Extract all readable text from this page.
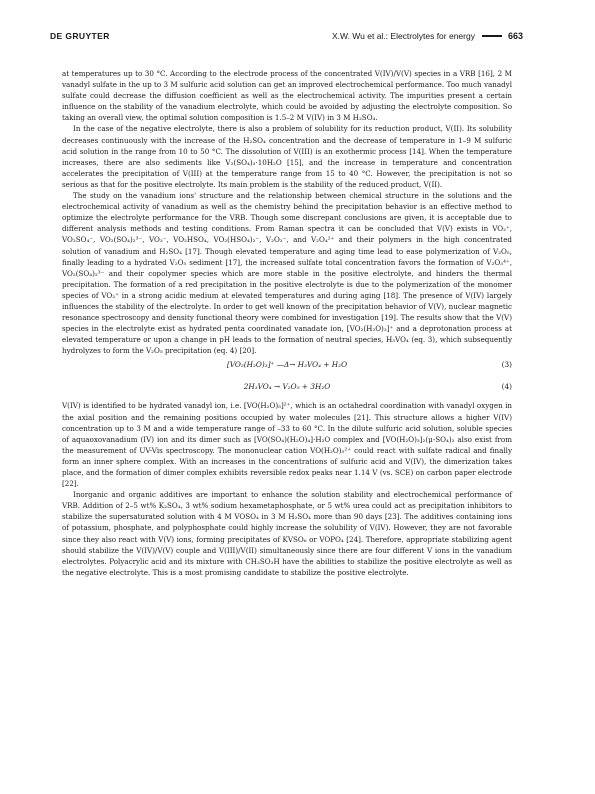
DE GRUYTER	X.W. Wu et al.: Electrolytes for energy	663

at temperatures up to 30 °C. According to the electrode process of the concentrated V(IV)/V(V) species in a VRB [16], 2 M vanadyl sulfate in the up to 3 M sulfuric acid solution can get an improved electrochemical performance. Too much vanadyl sulfate could decrease the diffusion coefficient as well as the electrochemical activity. The impurities present a certain influence on the stability of the vanadium electrolyte, which could be avoided by adjusting the electrolyte composition. So taking an overall view, the optimal solution composition is 1.5–2 M V(IV) in 3 M H₂SO₄.

In the case of the negative electrolyte, there is also a problem of solubility for its reduction product, V(II). Its solubility decreases continuously with the increase of the H₂SO₄ concentration and the decrease of temperature in 1–9 M sulfuric acid solution in the range from 10 to 50 °C. The dissolution of V(III) is an exothermic process [14]. When the temperature increases, there are also sediments like V₂(SO₄)₃·10H₂O [15], and the increase in temperature and concentration accelerates the precipitation of V(III) at the temperature range from 15 to 40 °C. However, the precipitation is not so serious as that for the positive electrolyte. Its main problem is the stability of the reduced product, V(II).

The study on the vanadium ions' structure and the relationship between chemical structure in the solutions and the electrochemical activity of vanadium as well as the chemistry behind the precipitation behavior is an effective method to optimize the electrolyte performance for the VRB. Though some discrepant conclusions are given, it is acceptable due to different analysis methods and testing conditions. From Raman spectra it can be concluded that V(V) exists in VO₂⁺, VO₂SO₄⁻, VO₂(SO₄)₂³⁻, VO₃⁻, VO₂HSO₄, VO₂(HSO₄)₂⁻, V₂O₃⁻, and V₂O₄²⁺ and their polymers in the high concentrated solution of vanadium and H₂SO₄ [17]. Though elevated temperature and aging time lead to ease polymerization of V₂O₅, finally leading to a hydrated V₂O₅ sediment [17], the increased sulfate total concentration favors the formation of V₂O₃⁴⁺, VO₂(SO₄)₂³⁻ and their copolymer species which are more stable in the positive electrolyte, and hinders the thermal precipitation. The formation of a red precipitation in the positive electrolyte is due to the polymerization of the monomer species of VO₂⁺ in a strong acidic medium at elevated temperatures and during aging [18]. The presence of V(IV) largely influences the stability of the electrolyte. In order to get well known of the precipitation behavior of V(V), nuclear magnetic resonance spectroscopy and density functional theory were combined for investigation [19]. The results show that the V(V) species in the electrolyte exist as hydrated penta coordinated vanadate ion, [VO₂(H₂O)₃]⁺ and a deprotonation process at elevated temperature or upon a change in pH leads to the formation of neutral species, H₃VO₄ (eq. 3), which subsequently hydrolyzes to form the V₂O₅ precipitation (eq. 4) [20].

[VO₂(H₂O)₃]⁺ —Δ→ H₃VO₄ + H₂O	(3)
2H₃VO₄ → V₂O₅ + 3H₂O	(4)

V(IV) is identified to be hydrated vanadyl ion, i.e. [VO(H₂O)₅]²⁺, which is an octahedral coordination with vanadyl oxygen in the axial position and the remaining positions occupied by water molecules [21]. This structure allows a higher V(IV) concentration up to 3 M and a wide temperature range of –33 to 60 °C. In the dilute sulfuric acid solution, soluble species of aquaoxovanadium (IV) ion and its dimer such as [VO(SO₄)(H₂O)₄]·H₂O complex and [VO(H₂O)₃]₂(μ-SO₄)₂ also exist from the measurement of UV-Vis spectroscopy. The mononuclear cation VO(H₂O)₅²⁺ could react with sulfate radical and finally form an inner sphere complex. With an increases in the concentrations of sulfuric acid and V(IV), the dimerization takes place, and the formation of dimer complex exhibits reversible redox peaks near 1.14 V (vs. SCE) on carbon paper electrode [22].

Inorganic and organic additives are important to enhance the solution stability and electrochemical performance of VRB. Addition of 2–5 wt% K₂SO₄, 3 wt% sodium hexametaphosphate, or 5 wt% urea could act as precipitation inhibitors to stabilize the supersaturated solution with 4 M VOSO₄ in 3 M H₂SO₄ more than 90 days [23]. The additives containing ions of potassium, phosphate, and polyphosphate could highly increase the solubility of V(IV). However, they are not favorable since they also react with V(V) ions, forming precipitates of KVSO₆ or VOPO₄ [24]. Therefore, appropriate stabilizing agent should stabilize the V(IV)/V(V) couple and V(III)/V(II) simultaneously since there are four different V ions in the vanadium electrolytes. Polyacrylic acid and its mixture with CH₃SO₃H have the abilities to stabilize the positive electrolyte as well as the negative electrolyte. This is a most promising candidate to stabilize the positive electrolyte.
